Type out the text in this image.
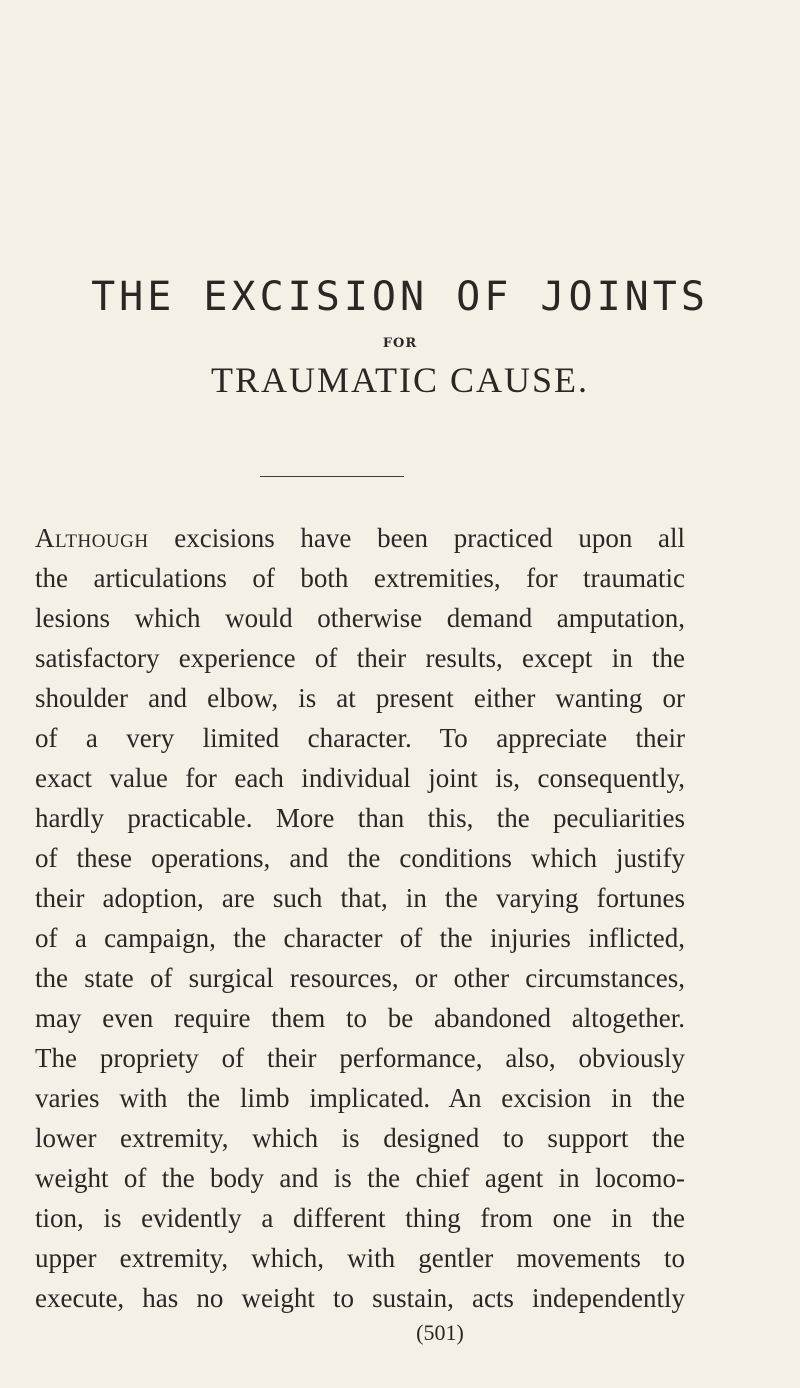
THE EXCISION OF JOINTS
FOR
TRAUMATIC CAUSE.
Although excisions have been practiced upon all
the articulations of both extremities, for traumatic
lesions which would otherwise demand amputation,
satisfactory experience of their results, except in the
shoulder and elbow, is at present either wanting or
of a very limited character. To appreciate their
exact value for each individual joint is, consequently,
hardly practicable. More than this, the peculiarities
of these operations, and the conditions which justify
their adoption, are such that, in the varying fortunes
of a campaign, the character of the injuries inflicted,
the state of surgical resources, or other circumstances,
may even require them to be abandoned altogether.
The propriety of their performance, also, obviously
varies with the limb implicated. An excision in the
lower extremity, which is designed to support the
weight of the body and is the chief agent in locomo-
tion, is evidently a different thing from one in the
upper extremity, which, with gentler movements to
execute, has no weight to sustain, acts independently
(501)
